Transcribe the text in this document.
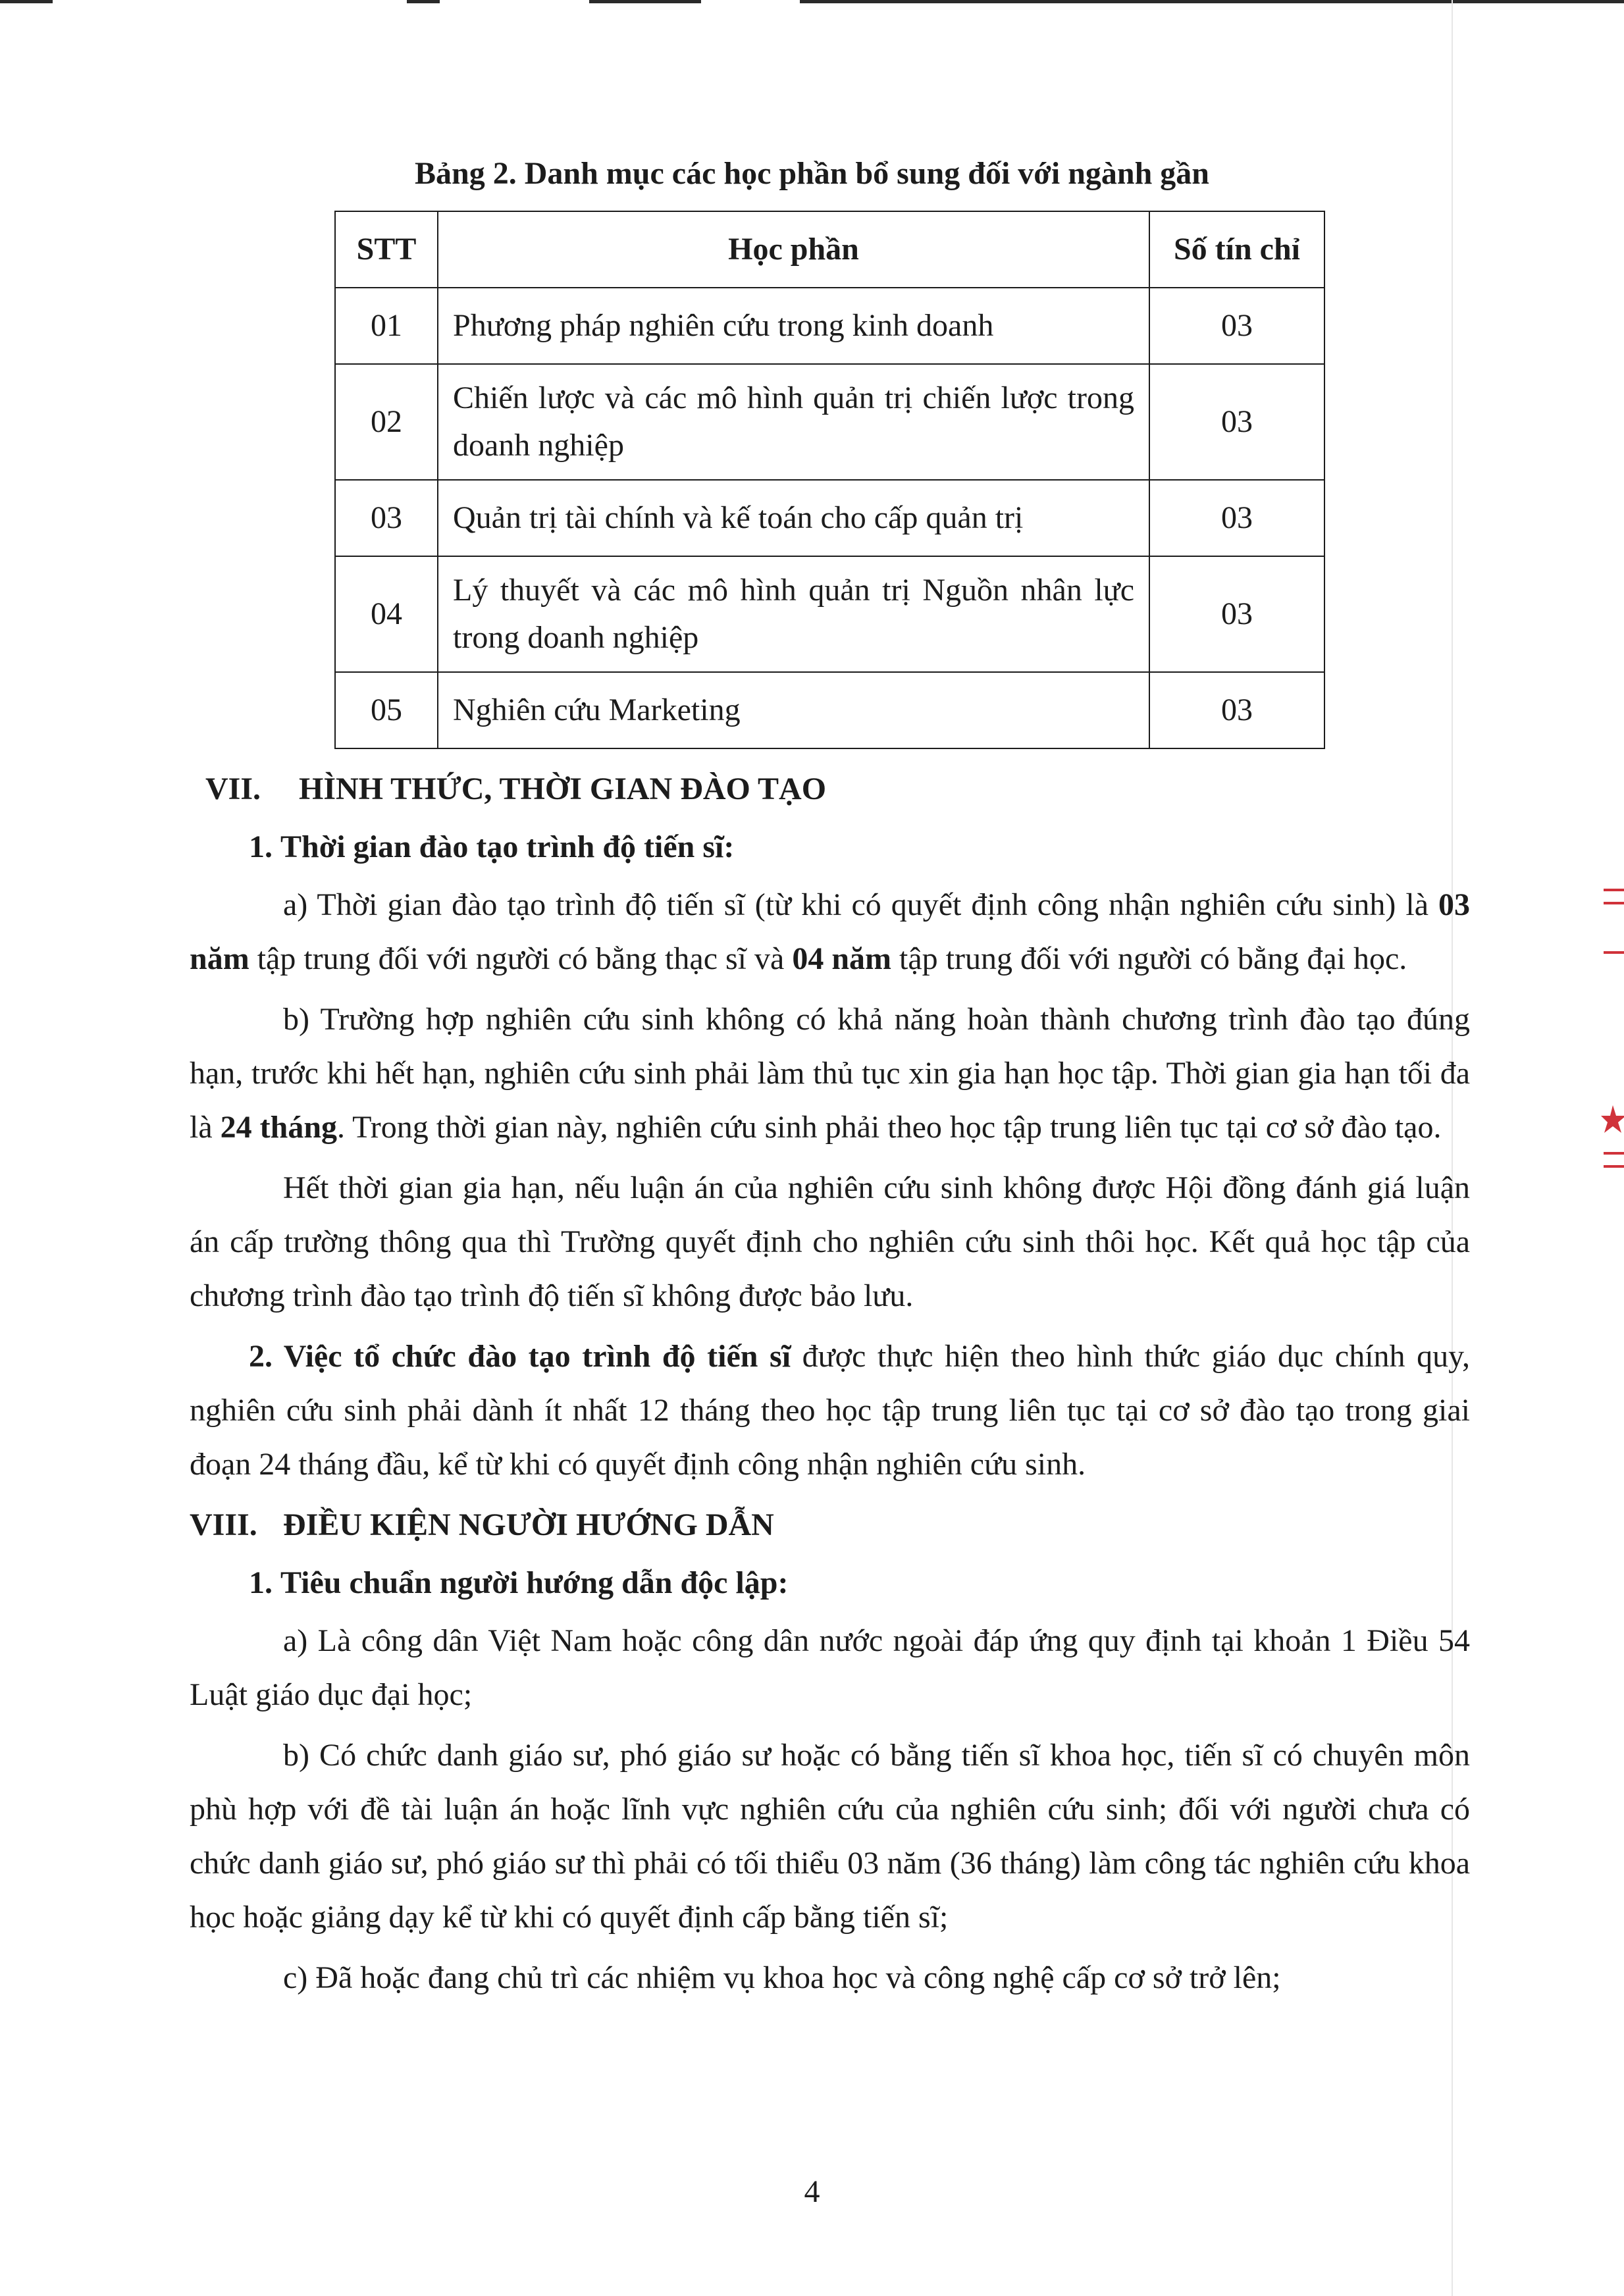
Bảng 2. Danh mục các học phần bổ sung đối với ngành gần
STT	Học phần	Số tín chỉ
01	Phương pháp nghiên cứu trong kinh doanh	03
02	Chiến lược và các mô hình quản trị chiến lược trong doanh nghiệp	03
03	Quản trị tài chính và kế toán cho cấp quản trị	03
04	Lý thuyết và các mô hình quản trị Nguồn nhân lực trong doanh nghiệp	03
05	Nghiên cứu Marketing	03
VII. HÌNH THỨC, THỜI GIAN ĐÀO TẠO
1. Thời gian đào tạo trình độ tiến sĩ:

a) Thời gian đào tạo trình độ tiến sĩ (từ khi có quyết định công nhận nghiên cứu sinh) là 03 năm tập trung đối với người có bằng thạc sĩ và 04 năm tập trung đối với người có bằng đại học.

b) Trường hợp nghiên cứu sinh không có khả năng hoàn thành chương trình đào tạo đúng hạn, trước khi hết hạn, nghiên cứu sinh phải làm thủ tục xin gia hạn học tập. Thời gian gia hạn tối đa là 24 tháng. Trong thời gian này, nghiên cứu sinh phải theo học tập trung liên tục tại cơ sở đào tạo.

Hết thời gian gia hạn, nếu luận án của nghiên cứu sinh không được Hội đồng đánh giá luận án cấp trường thông qua thì Trường quyết định cho nghiên cứu sinh thôi học. Kết quả học tập của chương trình đào tạo trình độ tiến sĩ không được bảo lưu.

2. Việc tổ chức đào tạo trình độ tiến sĩ được thực hiện theo hình thức giáo dục chính quy, nghiên cứu sinh phải dành ít nhất 12 tháng theo học tập trung liên tục tại cơ sở đào tạo trong giai đoạn 24 tháng đầu, kể từ khi có quyết định công nhận nghiên cứu sinh.

VIII. ĐIỀU KIỆN NGƯỜI HƯỚNG DẪN
1. Tiêu chuẩn người hướng dẫn độc lập:

a) Là công dân Việt Nam hoặc công dân nước ngoài đáp ứng quy định tại khoản 1 Điều 54 Luật giáo dục đại học;

b) Có chức danh giáo sư, phó giáo sư hoặc có bằng tiến sĩ khoa học, tiến sĩ có chuyên môn phù hợp với đề tài luận án hoặc lĩnh vực nghiên cứu của nghiên cứu sinh; đối với người chưa có chức danh giáo sư, phó giáo sư thì phải có tối thiểu 03 năm (36 tháng) làm công tác nghiên cứu khoa học hoặc giảng dạy kể từ khi có quyết định cấp bằng tiến sĩ;

c) Đã hoặc đang chủ trì các nhiệm vụ khoa học và công nghệ cấp cơ sở trở lên;

4
